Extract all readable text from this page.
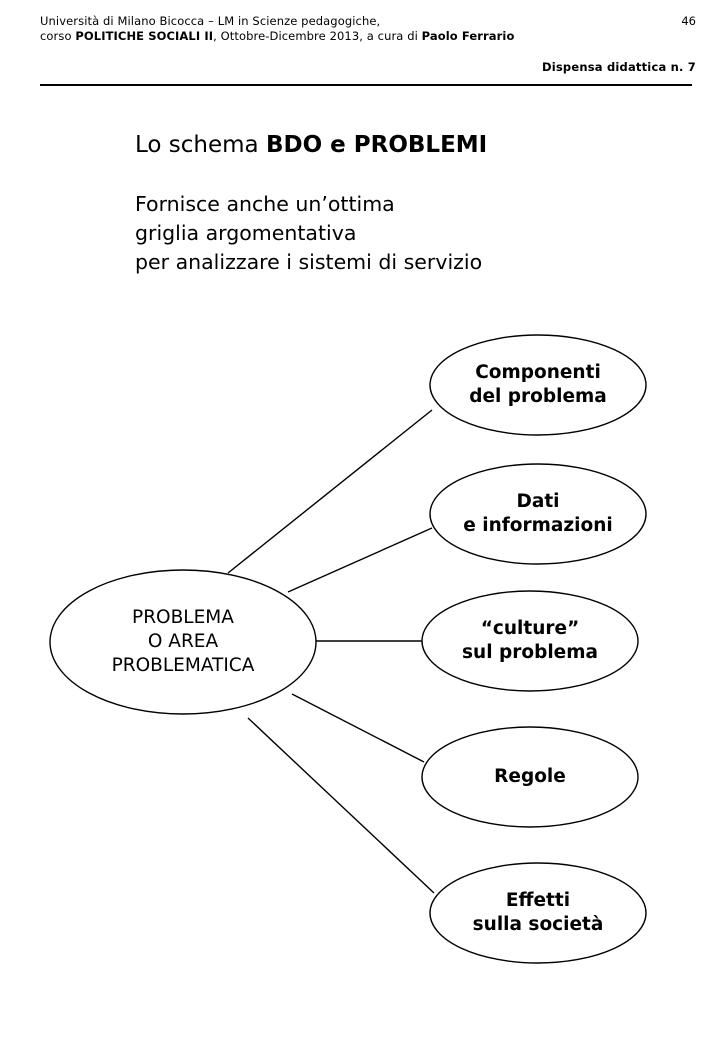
Università di Milano Bicocca – LM in Scienze pedagogiche,
corso POLITICHE SOCIALI II, Ottobre-Dicembre 2013, a cura di Paolo Ferrario
46
Dispensa didattica n. 7
Lo schema BDO e PROBLEMI
Fornisce anche un’ottima
griglia argomentativa
per analizzare i sistemi di servizio
PROBLEMA
O AREA
PROBLEMATICA
Componenti
del problema
Dati
e informazioni
“culture”
sul problema
Regole
Effetti
sulla società
